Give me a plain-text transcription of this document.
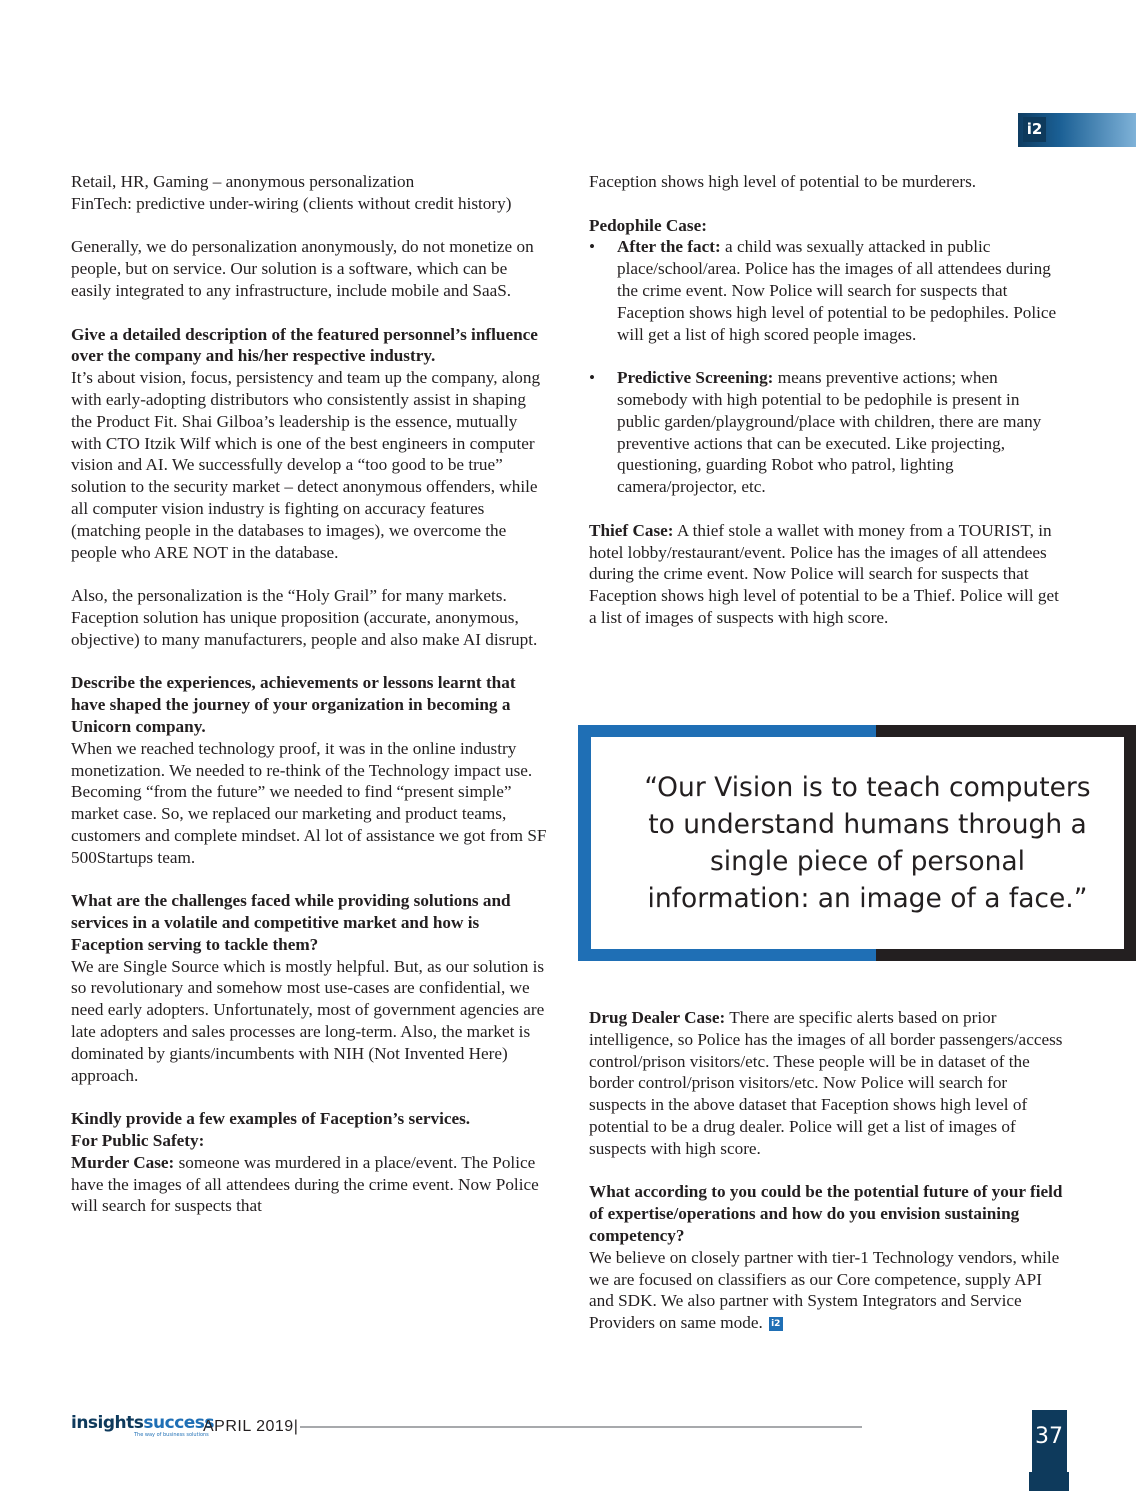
i2

Retail, HR, Gaming – anonymous personalization
FinTech: predictive under-wiring (clients without credit history)

Generally, we do personalization anonymously, do not monetize on people, but on service. Our solution is a software, which can be easily integrated to any infrastructure, include mobile and SaaS.

Give a detailed description of the featured personnel’s influence over the company and his/her respective industry.

It’s about vision, focus, persistency and team up the company, along with early-adopting distributors who consistently assist in shaping the Product Fit. Shai Gilboa’s leadership is the essence, mutually with CTO Itzik Wilf which is one of the best engineers in computer vision and AI. We successfully develop a “too good to be true” solution to the security market – detect anonymous offenders, while all computer vision industry is fighting on accuracy features (matching people in the databases to images), we overcome the people who ARE NOT in the database.

Also, the personalization is the “Holy Grail” for many markets. Faception solution has unique proposition (accurate, anonymous, objective) to many manufacturers, people and also make AI disrupt.

Describe the experiences, achievements or lessons learnt that have shaped the journey of your organization in becoming a Unicorn company.

When we reached technology proof, it was in the online industry monetization. We needed to re-think of the Technology impact use. Becoming “from the future” we needed to find “present simple” market case. So, we replaced our marketing and product teams, customers and complete mindset. Al lot of assistance we got from SF 500Startups team.

What are the challenges faced while providing solutions and services in a volatile and competitive market and how is Faception serving to tackle them?

We are Single Source which is mostly helpful. But, as our solution is so revolutionary and somehow most use-cases are confidential, we need early adopters. Unfortunately, most of government agencies are late adopters and sales processes are long-term. Also, the market is dominated by giants/incumbents with NIH (Not Invented Here) approach.

Kindly provide a few examples of Faception’s services.
For Public Safety:

Murder Case: someone was murdered in a place/event. The Police have the images of all attendees during the crime event. Now Police will search for suspects that

Faception shows high level of potential to be murderers.

Pedophile Case:
• After the fact: a child was sexually attacked in public place/school/area. Police has the images of all attendees during the crime event. Now Police will search for suspects that Faception shows high level of potential to be pedophiles. Police will get a list of high scored people images.
• Predictive Screening: means preventive actions; when somebody with high potential to be pedophile is present in public garden/playground/place with children, there are many preventive actions that can be executed. Like projecting, questioning, guarding Robot who patrol, lighting camera/projector, etc.

Thief Case: A thief stole a wallet with money from a TOURIST, in hotel lobby/restaurant/event. Police has the images of all attendees during the crime event. Now Police will search for suspects that Faception shows high level of potential to be a Thief. Police will get a list of images of suspects with high score.

“Our Vision is to teach computers to understand humans through a single piece of personal information: an image of a face.”

Drug Dealer Case: There are specific alerts based on prior intelligence, so Police has the images of all border passengers/access control/prison visitors/etc. These people will be in dataset of the border control/prison visitors/etc. Now Police will search for suspects in the above dataset that Faception shows high level of potential to be a drug dealer. Police will get a list of images of suspects with high score.

What according to you could be the potential future of your field of expertise/operations and how do you envision sustaining competency?

We believe on closely partner with tier-1 Technology vendors, while we are focused on classifiers as our Core competence, supply API and SDK. We also partner with System Integrators and Service Providers on same mode. i2

insightssuccess
The way of business solutions
APRIL 2019|	37
